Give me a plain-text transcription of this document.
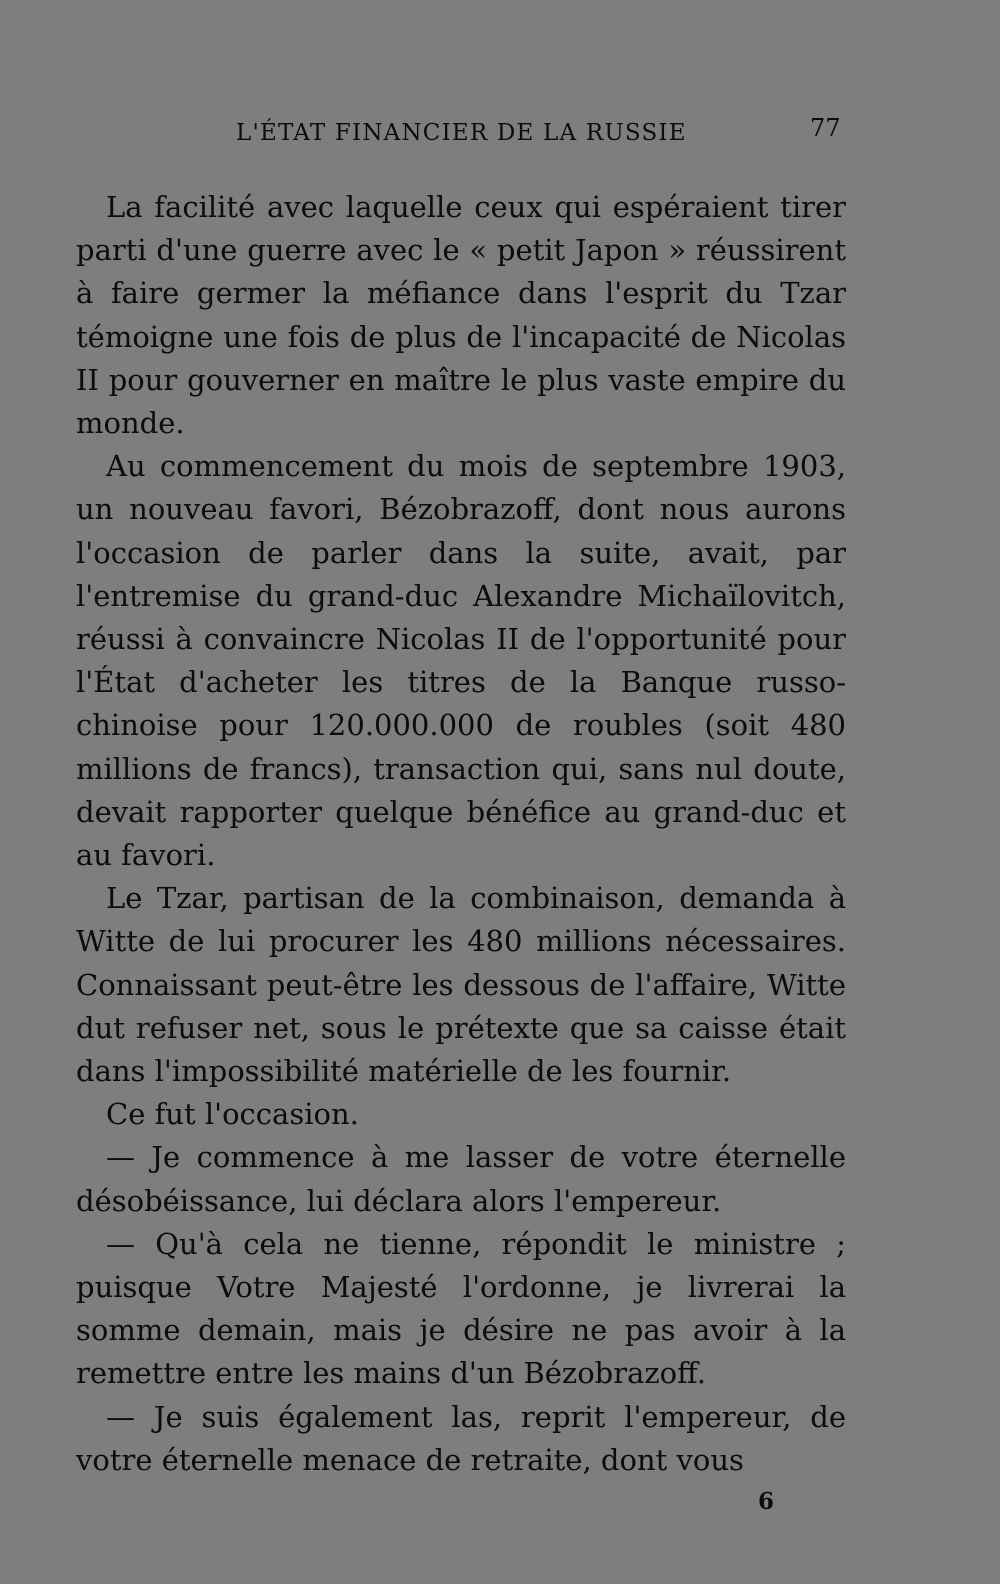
L'ÉTAT FINANCIER DE LA RUSSIE	77

La facilité avec laquelle ceux qui espéraient tirer parti d'une guerre avec le « petit Japon » réussirent à faire germer la méfiance dans l'esprit du Tzar témoigne une fois de plus de l'incapacité de Nicolas II pour gouverner en maître le plus vaste empire du monde.

Au commencement du mois de septembre 1903, un nouveau favori, Bézobrazoff, dont nous aurons l'occasion de parler dans la suite, avait, par l'entremise du grand-duc Alexandre Michaïlovitch, réussi à convaincre Nicolas II de l'opportunité pour l'État d'acheter les titres de la Banque russo-chinoise pour 120.000.000 de roubles (soit 480 millions de francs), transaction qui, sans nul doute, devait rapporter quelque bénéfice au grand-duc et au favori.

Le Tzar, partisan de la combinaison, demanda à Witte de lui procurer les 480 millions nécessaires. Connaissant peut-être les dessous de l'affaire, Witte dut refuser net, sous le prétexte que sa caisse était dans l'impossibilité matérielle de les fournir.

Ce fut l'occasion.

— Je commence à me lasser de votre éternelle désobéissance, lui déclara alors l'empereur.

— Qu'à cela ne tienne, répondit le ministre ; puisque Votre Majesté l'ordonne, je livrerai la somme demain, mais je désire ne pas avoir à la remettre entre les mains d'un Bézobrazoff.

— Je suis également las, reprit l'empereur, de votre éternelle menace de retraite, dont vous

6
